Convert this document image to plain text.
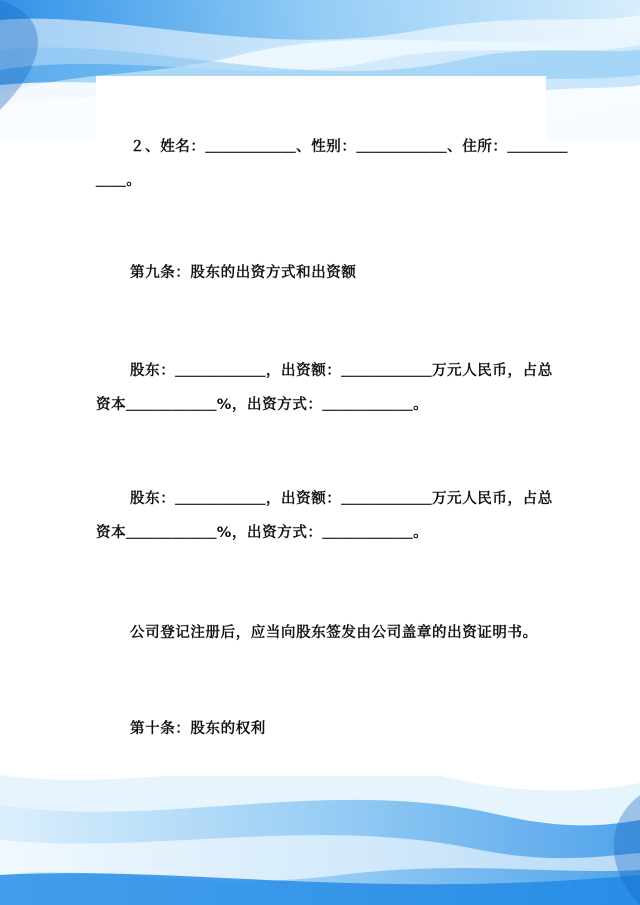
２、姓名：＿＿＿＿＿＿、性别：＿＿＿＿＿＿、住所：＿＿＿＿
＿＿。
第九条：股东的出资方式和出资额
股东：＿＿＿＿＿＿，出资额：＿＿＿＿＿＿万元人民币，占总
资本＿＿＿＿＿＿%，出资方式：＿＿＿＿＿＿。
股东：＿＿＿＿＿＿，出资额：＿＿＿＿＿＿万元人民币，占总
资本＿＿＿＿＿＿%，出资方式：＿＿＿＿＿＿。
公司登记注册后，应当向股东签发由公司盖章的出资证明书。
第十条：股东的权利
